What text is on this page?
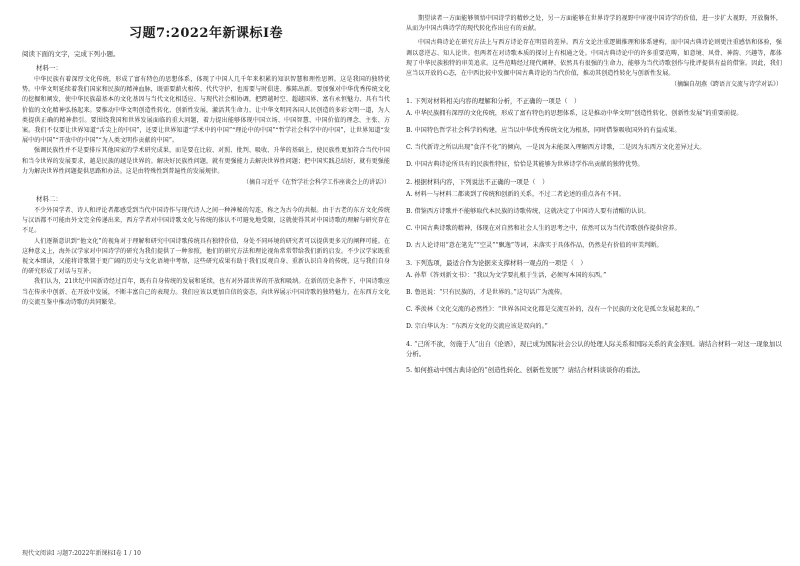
习题7:2022年新课标Ⅰ卷
阅读下面的文字，完成下列小题。
材料一：

中华民族有着深厚文化传统，形成了富有特色的思想体系，体现了中国人几千年来积累的知识智慧和理性思辨。这是我国的独特优势。中华文明延续着我们国家和民族的精神血脉，既需要薪火相传、代代守护，也需要与时俱进、推陈出新。要加强对中华优秀传统文化的挖掘和阐发，使中华民族最基本的文化基因与当代文化相适应、与现代社会相协调，把跨越时空、超越国界、富有永恒魅力、具有当代价值的文化精神弘扬起来。要推动中华文明创造性转化、创新性发展，激活其生命力，让中华文明同各国人民创造的多彩文明一道，为人类提供正确的精神指引。要围绕我国和世界发展面临的重大问题，着力提出能够体现中国立场、中国智慧、中国价值的理念、主张、方案。我们不仅要让世界知道“舌尖上的中国”，还要让世界知道“学术中的中国”“理论中的中国”“哲学社会科学中的中国”，让世界知道“发展中的中国”“开放中的中国”“为人类文明作贡献的中国”。

强调民族性并不是要排斥其他国家的学术研究成果，而是要在比较、对照、批判、吸收、升华的基础上，使民族性更加符合当代中国和当今世界的发展要求，越是民族的越是世界的。解决好民族性问题，就有更强能力去解决世界性问题；把中国实践总结好，就有更强能力为解决世界性问题提供思路和办法。这是由特殊性到普遍性的发展规律。

（摘自习近平《在哲学社会科学工作座谈会上的讲话》）
材料二：

不少外国学者、诗人和评论者都感受到当代中国诗作与现代诗人之间一种神秘的勾连，称之为古今的共振。由于古老的东方文化传统与汉语都不可能由外文完全传递出来，西方学者对中国诗歌文化与传统的体认不可避免地受限，这就使得其对中国诗歌的理解与研究存在不足。

人们逐渐意识到“他文化”的视角对于理解和研究中国诗歌传统具有独特价值，身处不同环境的研究者可以提供更多元的阐释可能。在这种意义上，海外汉学家对中国诗学的研究为我们提供了一种参照，他们的研究方法和理论视角常常带给我们新的启发。不少汉学家既重视文本细读，又能将诗歌置于更广阔的历史与文化语境中考察，这些研究成果有助于我们反观自身、重新认识自身的传统，这与我们自身的研究形成了对话与互补。

我们认为，21世纪中国新诗经过百年，既有自身传统的发展和延续，也有对外部世界的开放和吸纳。在新的历史条件下，中国诗歌应当在传承中创新、在开放中发展，不断丰富自己的表现力。我们应该以更加自信的姿态，向世界展示中国诗歌的独特魅力，在东西方文化的交流互鉴中推动诗歌的共同繁荣。

期望读者一方面能够领悟中国诗学的精妙之处，另一方面能够在世界诗学的视野中审视中国诗学的价值，进一步扩大视野，开放胸怀，从而为中国古典诗学的现代转化作出应有的贡献。

中国古典诗论在研究方法上与西方诗论存在明显的差异。西方文论注重逻辑推理和体系建构，而中国古典诗论则更注重感悟和体验，强调以意逆志、知人论世。但两者在对诗歌本质的探讨上有相通之处。中国古典诗论中的许多重要范畴，如意境、风骨、神韵、兴趣等，都体现了中华民族独特的审美追求。这些范畴经过现代阐释，依然具有很强的生命力，能够为当代诗歌创作与批评提供有益的借鉴。因此，我们应当以开放的心态，在中西比较中发掘中国古典诗论的当代价值，推动其创造性转化与创新性发展。

（摘编自胡燕《跨语言交流与诗学对话》）
1. 下列对材料相关内容的理解和分析，不正确的一项是（　）
A. 中华民族拥有深厚的文化传统，形成了富有特色的思想体系，这是推动中华文明“创造性转化、创新性发展”的重要前提。
B. 中国特色哲学社会科学的构建，应当以中华优秀传统文化为根基，同时借鉴吸收国外的有益成果。
C. 当代新诗之所以出现“食洋不化”的倾向，一是因为未能深入理解西方诗歌，二是因为东西方文化差异过大。
D. 中国古典诗论所具有的民族性特征，恰恰是其能够为世界诗学作出贡献的独特优势。
2. 根据材料内容，下列说法不正确的一项是（　）
A. 材料一与材料二都谈到了传统和创新的关系，不过二者论述的重点各有不同。
B. 借鉴西方诗歌并不能够取代本民族的诗歌传统，这就决定了中国诗人要有清醒的认识。
C. 中国古典诗歌的精神，体现在对自然和社会人生的思考之中，依然可以为当代诗歌创作提供营养。
D. 古人论诗用“意在笔先”“空灵”“飘逸”等词，未落实于具体作品，仍然是有价值的审美判断。
3. 下列选项，最适合作为论据来支撑材料一观点的一项是（　）
A. 孙犁《答刘新文书》：“我以为文学要扎根于生活，必须写本国的东西。”
B. 鲁迅说：“只有民族的，才是世界的。”这句话广为流传。
C. 季羡林《文化交流的必然性》：“世界各国文化都是交流互补的，没有一个民族的文化是孤立发展起来的。”
D. 宗白华认为：“东西方文化的交流应该是双向的。”
4. “己所不欲，勿施于人”出自《论语》，现已成为国际社会公认的处理人际关系和国际关系的黄金准则。请结合材料一对这一现象加以分析。
5. 如何推动中国古典诗论的“创造性转化、创新性发展”？请结合材料谈谈你的看法。
现代文阅读Ⅰ 习题7:2022年新课标Ⅰ卷 1 / 10
